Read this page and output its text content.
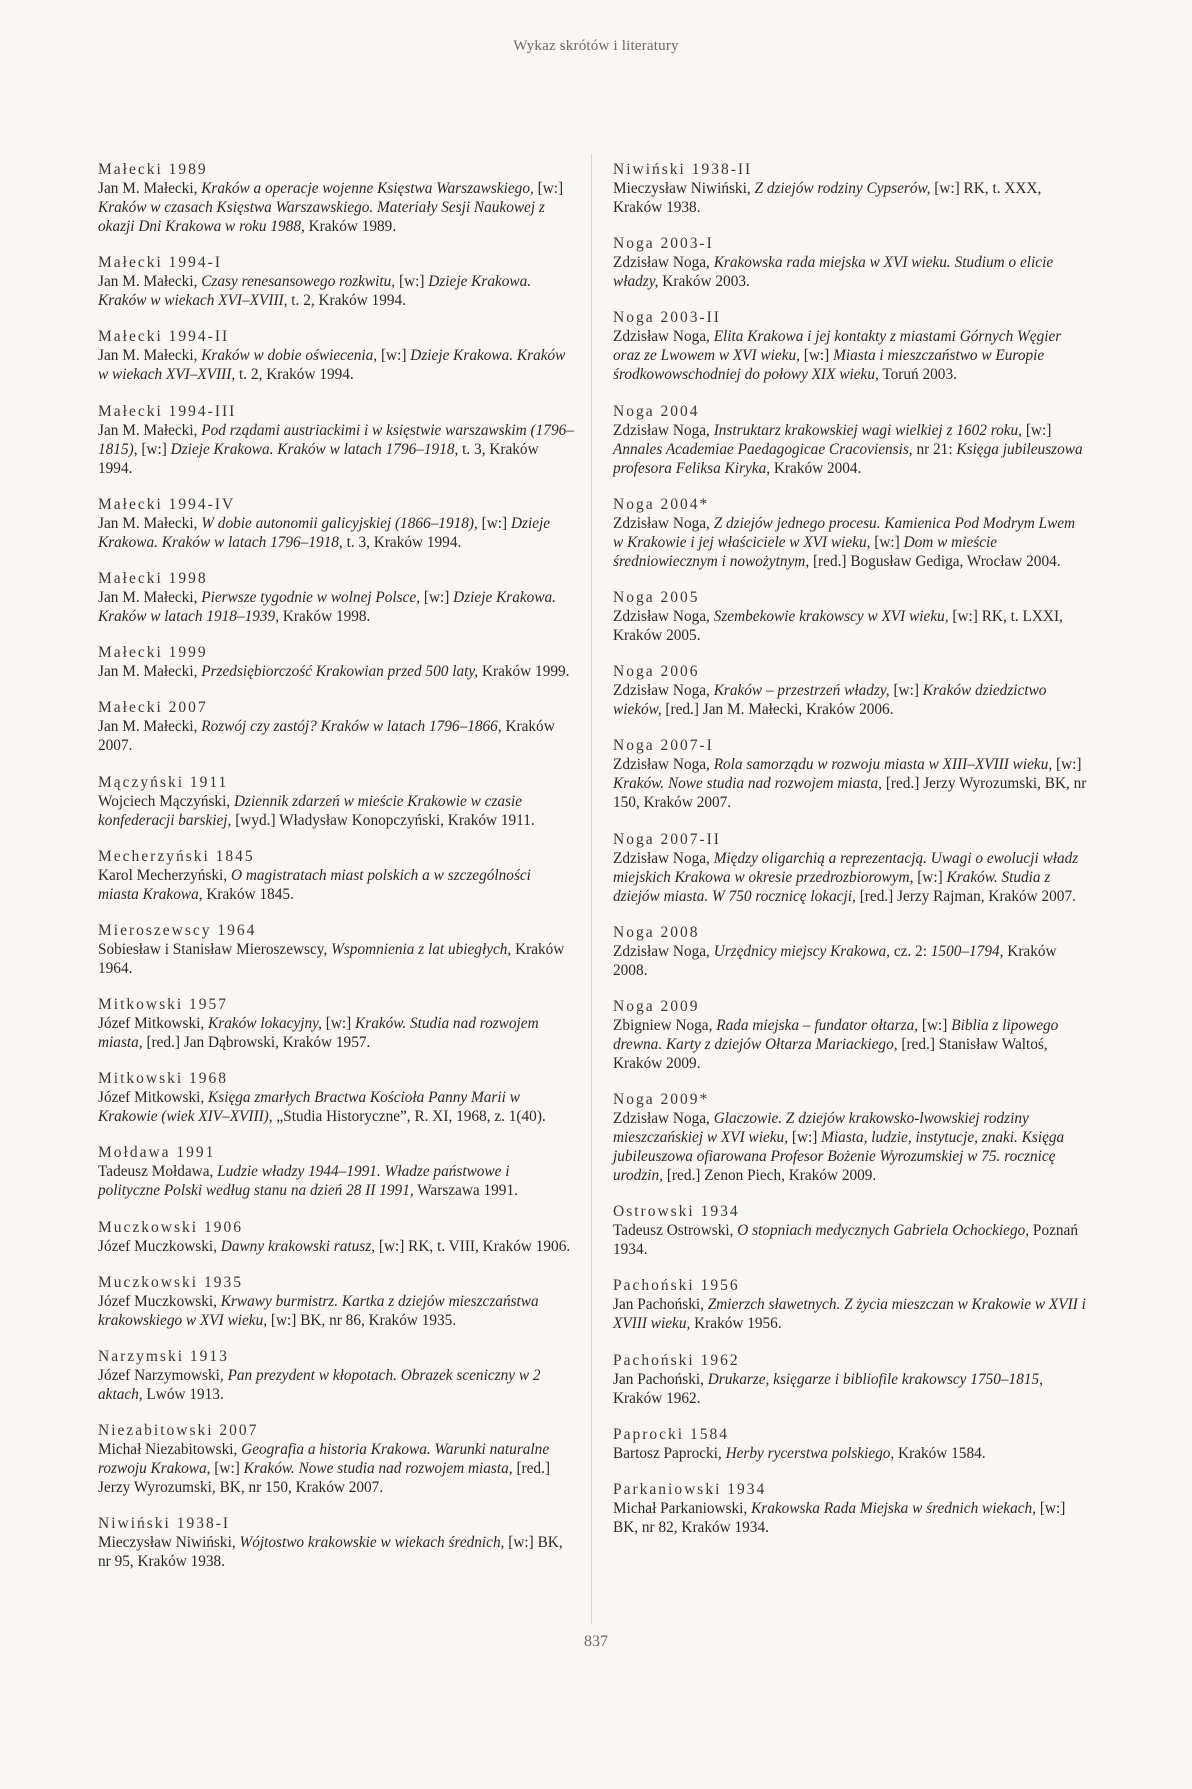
Wykaz skrótów i literatury
Małecki 1989

Jan M. Małecki, Kraków a operacje wojenne Księstwa Warszawskiego, [w:] Kraków w czasach Księstwa Warszawskiego. Materiały Sesji Naukowej z okazji Dni Krakowa w roku 1988, Kraków 1989.

Małecki 1994-I

Jan M. Małecki, Czasy renesansowego rozkwitu, [w:] Dzieje Krakowa. Kraków w wiekach XVI–XVIII, t. 2, Kraków 1994.

Małecki 1994-II

Jan M. Małecki, Kraków w dobie oświecenia, [w:] Dzieje Krakowa. Kraków w wiekach XVI–XVIII, t. 2, Kraków 1994.

Małecki 1994-III

Jan M. Małecki, Pod rządami austriackimi i w księstwie warszawskim (1796–1815), [w:] Dzieje Krakowa. Kraków w latach 1796–1918, t. 3, Kraków 1994.

Małecki 1994-IV

Jan M. Małecki, W dobie autonomii galicyjskiej (1866–1918), [w:] Dzieje Krakowa. Kraków w latach 1796–1918, t. 3, Kraków 1994.

Małecki 1998

Jan M. Małecki, Pierwsze tygodnie w wolnej Polsce, [w:] Dzieje Krakowa. Kraków w latach 1918–1939, Kraków 1998.

Małecki 1999

Jan M. Małecki, Przedsiębiorczość Krakowian przed 500 laty, Kraków 1999.

Małecki 2007

Jan M. Małecki, Rozwój czy zastój? Kraków w latach 1796–1866, Kraków 2007.

Mączyński 1911

Wojciech Mączyński, Dziennik zdarzeń w mieście Krakowie w czasie konfederacji barskiej, [wyd.] Władysław Konopczyński, Kraków 1911.

Mecherzyński 1845

Karol Mecherzyński, O magistratach miast polskich a w szczególności miasta Krakowa, Kraków 1845.

Mieroszewscy 1964

Sobiesław i Stanisław Mieroszewscy, Wspomnienia z lat ubiegłych, Kraków 1964.

Mitkowski 1957

Józef Mitkowski, Kraków lokacyjny, [w:] Kraków. Studia nad rozwojem miasta, [red.] Jan Dąbrowski, Kraków 1957.

Mitkowski 1968

Józef Mitkowski, Księga zmarłych Bractwa Kościoła Panny Marii w Krakowie (wiek XIV–XVIII), „Studia Historyczne”, R. XI, 1968, z. 1(40).

Mołdawa 1991

Tadeusz Mołdawa, Ludzie władzy 1944–1991. Władze państwowe i polityczne Polski według stanu na dzień 28 II 1991, Warszawa 1991.

Muczkowski 1906

Józef Muczkowski, Dawny krakowski ratusz, [w:] RK, t. VIII, Kraków 1906.

Muczkowski 1935

Józef Muczkowski, Krwawy burmistrz. Kartka z dziejów mieszczaństwa krakowskiego w XVI wieku, [w:] BK, nr 86, Kraków 1935.

Narzymski 1913

Józef Narzymowski, Pan prezydent w kłopotach. Obrazek sceniczny w 2 aktach, Lwów 1913.

Niezabitowski 2007

Michał Niezabitowski, Geografia a historia Krakowa. Warunki naturalne rozwoju Krakowa, [w:] Kraków. Nowe studia nad rozwojem miasta, [red.] Jerzy Wyrozumski, BK, nr 150, Kraków 2007.

Niwiński 1938-I

Mieczysław Niwiński, Wójtostwo krakowskie w wiekach średnich, [w:] BK, nr 95, Kraków 1938.

Niwiński 1938-II

Mieczysław Niwiński, Z dziejów rodziny Cypserów, [w:] RK, t. XXX, Kraków 1938.

Noga 2003-I

Zdzisław Noga, Krakowska rada miejska w XVI wieku. Studium o elicie władzy, Kraków 2003.

Noga 2003-II

Zdzisław Noga, Elita Krakowa i jej kontakty z miastami Górnych Węgier oraz ze Lwowem w XVI wieku, [w:] Miasta i mieszczaństwo w Europie środkowowschodniej do połowy XIX wieku, Toruń 2003.

Noga 2004

Zdzisław Noga, Instruktarz krakowskiej wagi wielkiej z 1602 roku, [w:] Annales Academiae Paedagogicae Cracoviensis, nr 21: Księga jubileuszowa profesora Feliksa Kiryka, Kraków 2004.

Noga 2004*

Zdzisław Noga, Z dziejów jednego procesu. Kamienica Pod Modrym Lwem w Krakowie i jej właściciele w XVI wieku, [w:] Dom w mieście średniowiecznym i nowożytnym, [red.] Bogusław Gediga, Wrocław 2004.

Noga 2005

Zdzisław Noga, Szembekowie krakowscy w XVI wieku, [w:] RK, t. LXXI, Kraków 2005.

Noga 2006

Zdzisław Noga, Kraków – przestrzeń władzy, [w:] Kraków dziedzictwo wieków, [red.] Jan M. Małecki, Kraków 2006.

Noga 2007-I

Zdzisław Noga, Rola samorządu w rozwoju miasta w XIII–XVIII wieku, [w:] Kraków. Nowe studia nad rozwojem miasta, [red.] Jerzy Wyrozumski, BK, nr 150, Kraków 2007.

Noga 2007-II

Zdzisław Noga, Między oligarchią a reprezentacją. Uwagi o ewolucji władz miejskich Krakowa w okresie przedrozbiorowym, [w:] Kraków. Studia z dziejów miasta. W 750 rocznicę lokacji, [red.] Jerzy Rajman, Kraków 2007.

Noga 2008

Zdzisław Noga, Urzędnicy miejscy Krakowa, cz. 2: 1500–1794, Kraków 2008.

Noga 2009

Zbigniew Noga, Rada miejska – fundator ołtarza, [w:] Biblia z lipowego drewna. Karty z dziejów Ołtarza Mariackiego, [red.] Stanisław Waltoś, Kraków 2009.

Noga 2009*

Zdzisław Noga, Glaczowie. Z dziejów krakowsko-lwowskiej rodziny mieszczańskiej w XVI wieku, [w:] Miasta, ludzie, instytucje, znaki. Księga jubileuszowa ofiarowana Profesor Bożenie Wyrozumskiej w 75. rocznicę urodzin, [red.] Zenon Piech, Kraków 2009.

Ostrowski 1934

Tadeusz Ostrowski, O stopniach medycznych Gabriela Ochockiego, Poznań 1934.

Pachoński 1956

Jan Pachoński, Zmierzch sławetnych. Z życia mieszczan w Krakowie w XVII i XVIII wieku, Kraków 1956.

Pachoński 1962

Jan Pachoński, Drukarze, księgarze i bibliofile krakowscy 1750–1815, Kraków 1962.

Paprocki 1584

Bartosz Paprocki, Herby rycerstwa polskiego, Kraków 1584.

Parkaniowski 1934

Michał Parkaniowski, Krakowska Rada Miejska w średnich wiekach, [w:] BK, nr 82, Kraków 1934.

837
